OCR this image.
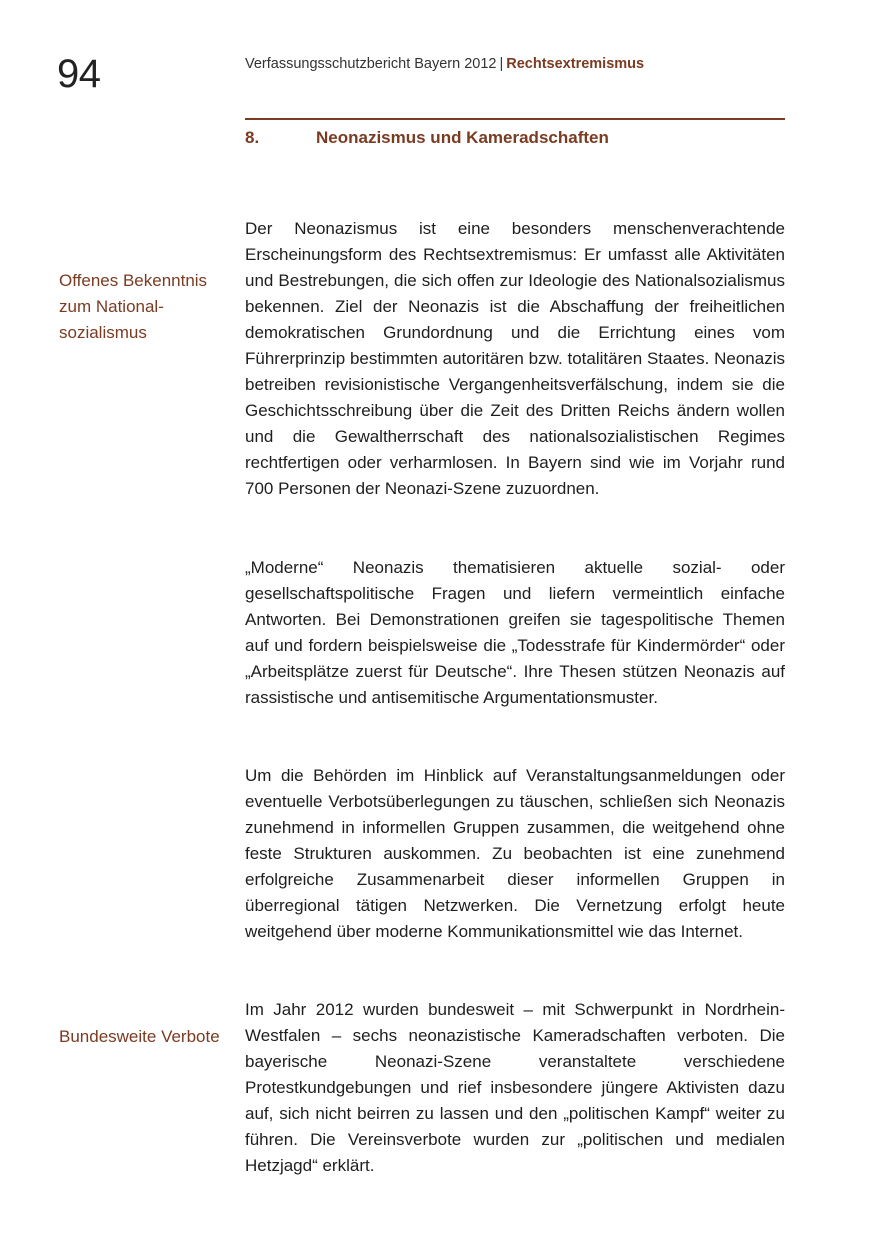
94	Verfassungsschutzbericht Bayern 2012 | Rechtsextremismus
8.	Neonazismus und Kameradschaften

Offenes Bekenntnis zum Nationalsozialismus

Bundesweite Verbote

Der Neonazismus ist eine besonders menschenverachtende Erscheinungsform des Rechtsextremismus: Er umfasst alle Aktivitäten und Bestrebungen, die sich offen zur Ideologie des Nationalsozialismus bekennen. Ziel der Neonazis ist die Abschaffung der freiheitlichen demokratischen Grundordnung und die Errichtung eines vom Führerprinzip bestimmten autoritären bzw. totalitären Staates. Neonazis betreiben revisionistische Vergangenheitsverfälschung, indem sie die Geschichtsschreibung über die Zeit des Dritten Reichs ändern wollen und die Gewaltherrschaft des nationalsozialistischen Regimes rechtfertigen oder verharmlosen. In Bayern sind wie im Vorjahr rund 700 Personen der Neonazi-Szene zuzuordnen.

„Moderne“ Neonazis thematisieren aktuelle sozial- oder gesellschaftspolitische Fragen und liefern vermeintlich einfache Antworten. Bei Demonstrationen greifen sie tagespolitische Themen auf und fordern beispielsweise die „Todesstrafe für Kindermörder“ oder „Arbeitsplätze zuerst für Deutsche“. Ihre Thesen stützen Neonazis auf rassistische und antisemitische Argumentationsmuster.

Um die Behörden im Hinblick auf Veranstaltungsanmeldungen oder eventuelle Verbotsüberlegungen zu täuschen, schließen sich Neonazis zunehmend in informellen Gruppen zusammen, die weitgehend ohne feste Strukturen auskommen. Zu beobachten ist eine zunehmend erfolgreiche Zusammenarbeit dieser informellen Gruppen in überregional tätigen Netzwerken. Die Vernetzung erfolgt heute weitgehend über moderne Kommunikationsmittel wie das Internet.

Im Jahr 2012 wurden bundesweit – mit Schwerpunkt in Nordrhein-Westfalen – sechs neonazistische Kameradschaften verboten. Die bayerische Neonazi-Szene veranstaltete verschiedene Protestkundgebungen und rief insbesondere jüngere Aktivisten dazu auf, sich nicht beirren zu lassen und den „politischen Kampf“ weiter zu führen. Die Vereinsverbote wurden zur „politischen und medialen Hetzjagd“ erklärt.
